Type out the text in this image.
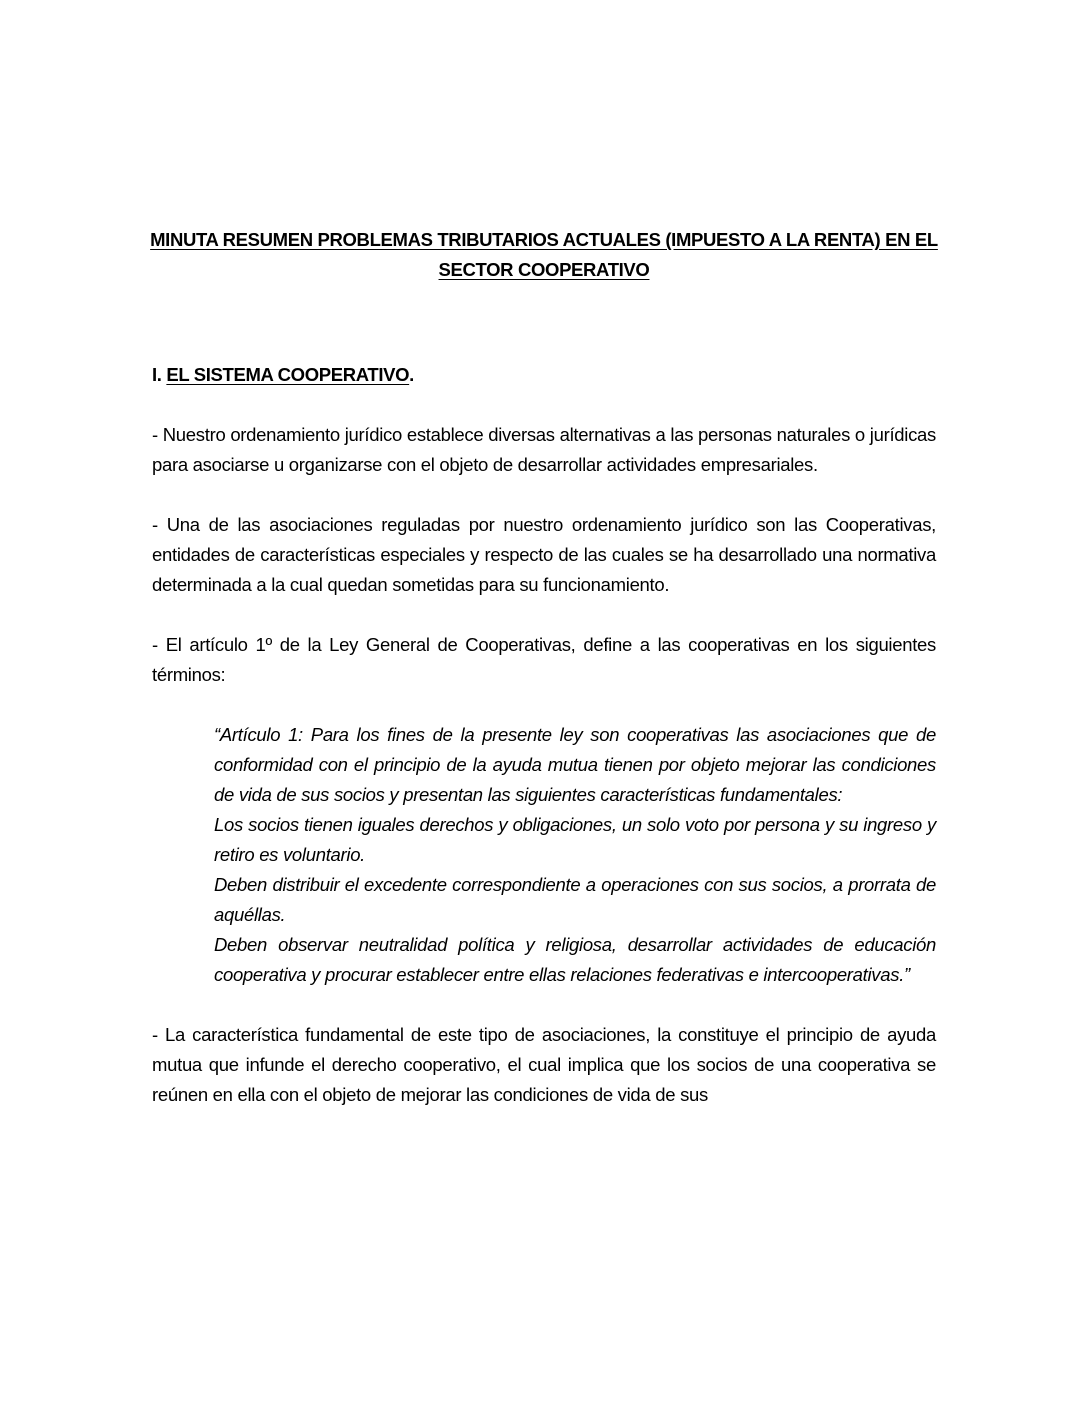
MINUTA RESUMEN PROBLEMAS TRIBUTARIOS ACTUALES (IMPUESTO A LA RENTA) EN EL
SECTOR COOPERATIVO
I. EL SISTEMA COOPERATIVO.

- Nuestro ordenamiento jurídico establece diversas alternativas a las personas naturales o jurídicas para asociarse u organizarse con el objeto de desarrollar actividades empresariales.

- Una de las asociaciones reguladas por nuestro ordenamiento jurídico son las Cooperativas, entidades de características especiales y respecto de las cuales se ha desarrollado una normativa determinada a la cual quedan sometidas para su funcionamiento.

- El artículo 1º de la Ley General de Cooperativas, define a las cooperativas en los siguientes términos:

“Artículo 1: Para los fines de la presente ley son cooperativas las asociaciones que de conformidad con el principio de la ayuda mutua tienen por objeto mejorar las condiciones de vida de sus socios y presentan las siguientes características fundamentales:

Los socios tienen iguales derechos y obligaciones, un solo voto por persona y su ingreso y retiro es voluntario.

Deben distribuir el excedente correspondiente a operaciones con sus socios, a prorrata de aquéllas.

Deben observar neutralidad política y religiosa, desarrollar actividades de educación cooperativa y procurar establecer entre ellas relaciones federativas e intercooperativas.”

- La característica fundamental de este tipo de asociaciones, la constituye el principio de ayuda mutua que infunde el derecho cooperativo, el cual implica que los socios de una cooperativa se reúnen en ella con el objeto de mejorar las condiciones de vida de sus
